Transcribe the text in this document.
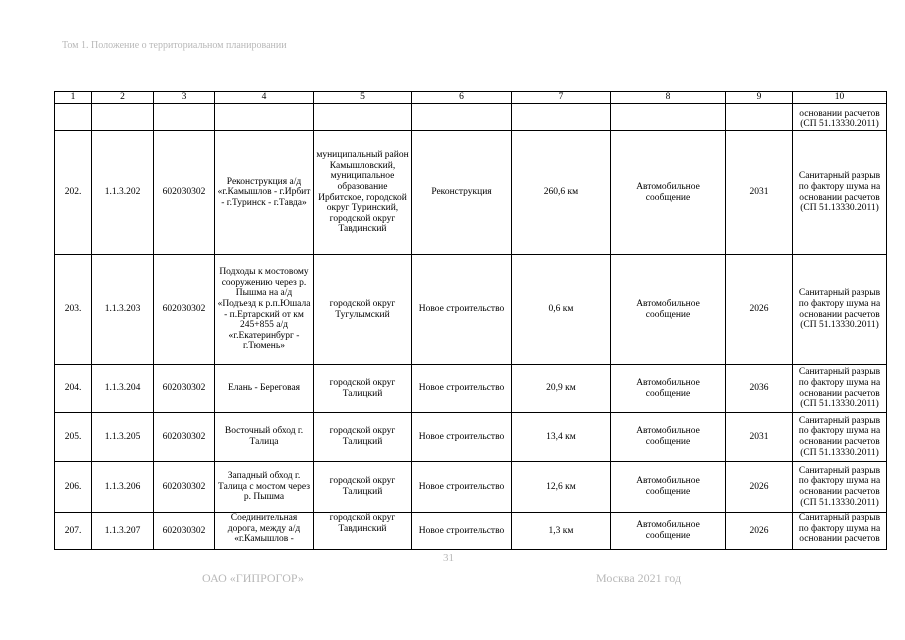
Том 1. Положение о территориальном планировании
1	2	3	4	5	6	7	8	9	10
									основании расчетов (СП 51.13330.2011)
202.	1.1.3.202	602030302	Реконструкция а/д «г.Камышлов - г.Ирбит - г.Туринск - г.Тавда»	муниципальный район Камышловский, муниципальное образование Ирбитское, городской округ Туринский, городской округ Тавдинский	Реконструкция	260,6 км	Автомобильное сообщение	2031	Санитарный разрыв по фактору шума на основании расчетов (СП 51.13330.2011)
203.	1.1.3.203	602030302	Подходы к мостовому сооружению через р. Пышма на а/д «Подъезд к р.п.Юшала - п.Ертарский от км 245+855 а/д «г.Екатеринбург - г.Тюмень»	городской округ Тугулымский	Новое строительство	0,6 км	Автомобильное сообщение	2026	Санитарный разрыв по фактору шума на основании расчетов (СП 51.13330.2011)
204.	1.1.3.204	602030302	Елань - Береговая	городской округ Талицкий	Новое строительство	20,9 км	Автомобильное сообщение	2036	Санитарный разрыв по фактору шума на основании расчетов (СП 51.13330.2011)
205.	1.1.3.205	602030302	Восточный обход г. Талица	городской округ Талицкий	Новое строительство	13,4 км	Автомобильное сообщение	2031	Санитарный разрыв по фактору шума на основании расчетов (СП 51.13330.2011)
206.	1.1.3.206	602030302	Западный обход г. Талица с мостом через р. Пышма	городской округ Талицкий	Новое строительство	12,6 км	Автомобильное сообщение	2026	Санитарный разрыв по фактору шума на основании расчетов (СП 51.13330.2011)
207.	1.1.3.207	602030302	Соединительная дорога, между а/д «г.Камышлов -	городской округ Тавдинский	Новое строительство	1,3 км	Автомобильное сообщение	2026	Санитарный разрыв по фактору шума на основании расчетов
31
ОАО «ГИПРОГОР»	Москва 2021 год
